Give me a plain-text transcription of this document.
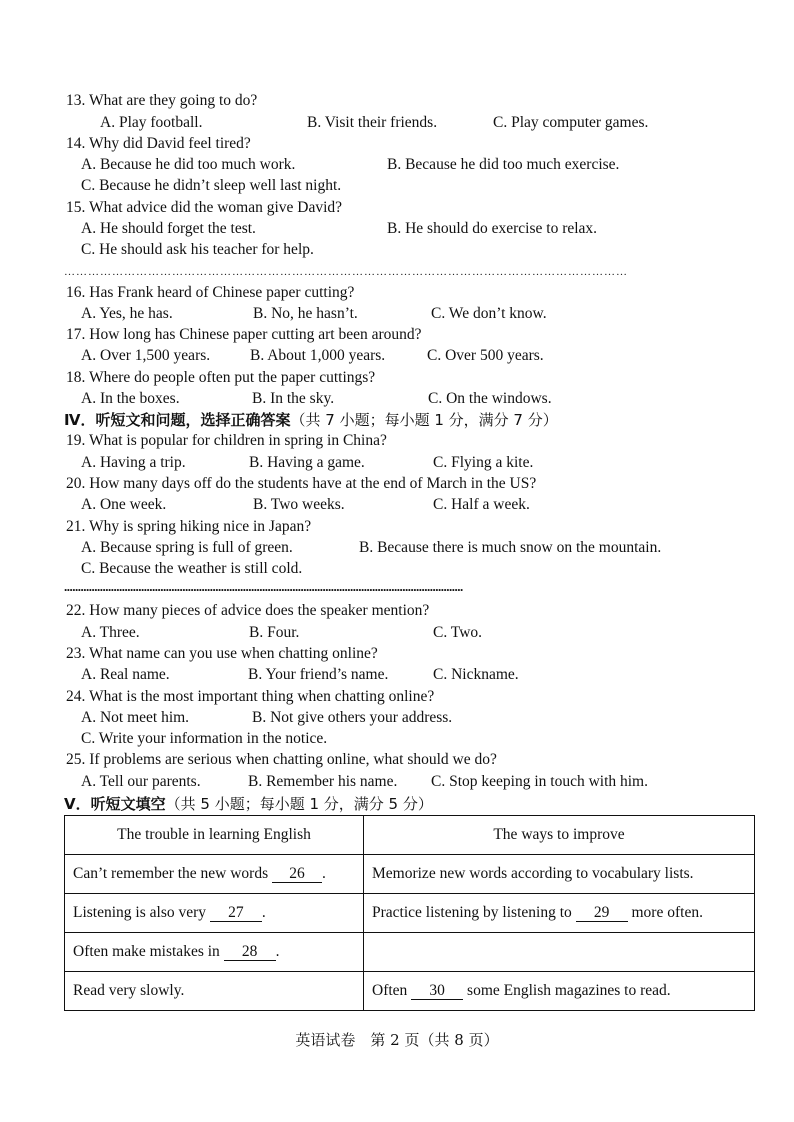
13. What are they going to do?
A. Play football.	B. Visit their friends.	C. Play computer games.
14. Why did David feel tired?
A. Because he did too much work.	B. Because he did too much exercise.
C. Because he didn’t sleep well last night.
15. What advice did the woman give David?
A. He should forget the test.	B. He should do exercise to relax.
C. He should ask his teacher for help.
……………………………………………………………………………………………………………………………
16. Has Frank heard of Chinese paper cutting?
A. Yes, he has.	B. No, he hasn’t.	C. We don’t know.
17. How long has Chinese paper cutting art been around?
A. Over 1,500 years.	B. About 1,000 years.	C. Over 500 years.
18. Where do people often put the paper cuttings?
A. In the boxes.	B. In the sky.	C. On the windows.
Ⅳ．听短文和问题，选择正确答案（共 7 小题；每小题 1 分，满分 7 分）
19. What is popular for children in spring in China?
A. Having a trip.	B. Having a game.	C. Flying a kite.
20. How many days off do the students have at the end of March in the US?
A. One week.	B. Two weeks.	C. Half a week.
21. Why is spring hiking nice in Japan?
A. Because spring is full of green.	B. Because there is much snow on the mountain.
C. Because the weather is still cold.
.................................................................................................................................................
22. How many pieces of advice does the speaker mention?
A. Three.	B. Four.	C. Two.
23. What name can you use when chatting online?
A. Real name.	B. Your friend’s name.	C. Nickname.
24. What is the most important thing when chatting online?
A. Not meet him.	B. Not give others your address.
C. Write your information in the notice.
25. If problems are serious when chatting online, what should we do?
A. Tell our parents.	B. Remember his name. C. Stop keeping in touch with him.
Ⅴ．听短文填空（共 5 小题；每小题 1 分，满分 5 分）
The trouble in learning English	The ways to improve
Can’t remember the new words 26 .	Memorize new words according to vocabulary lists.
Listening is also very 27 .	Practice listening by listening to 29 more often.
Often make mistakes in 28 .	
Read very slowly.	Often 30 some English magazines to read.
英语试卷　第 2 页（共 8 页）
